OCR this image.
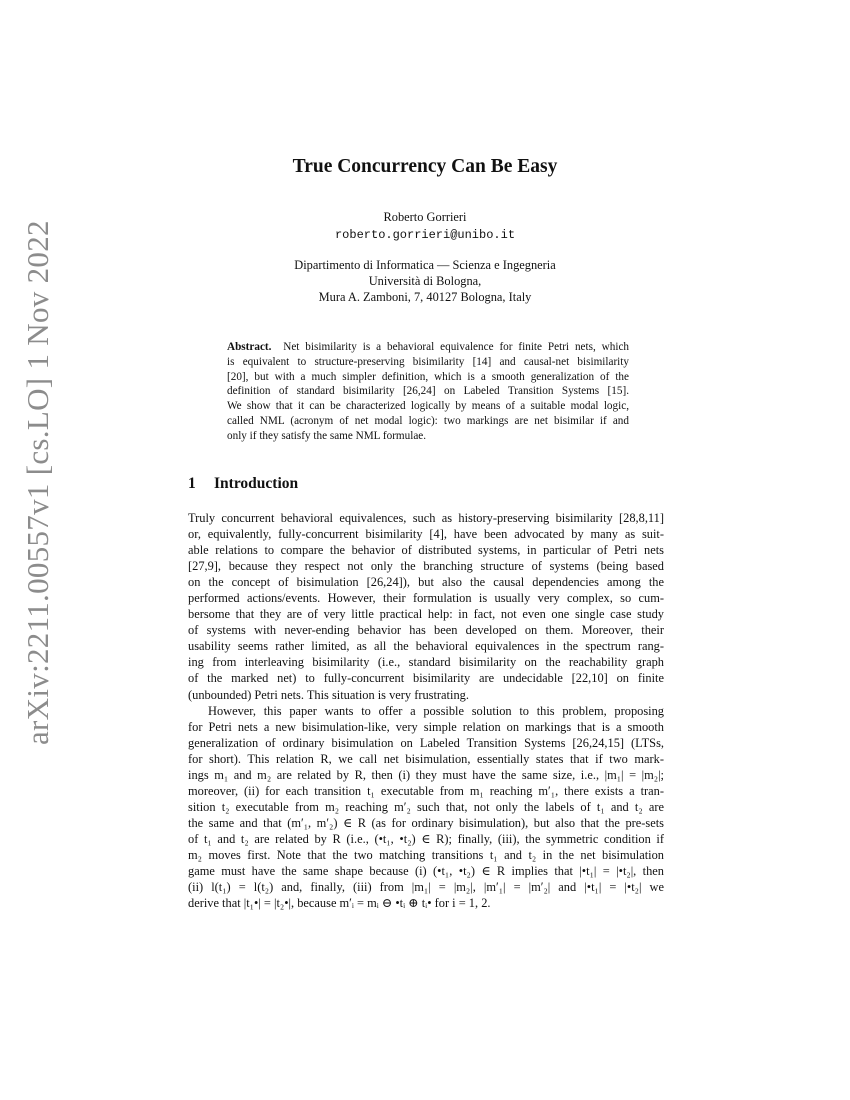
arXiv:2211.00557v1 [cs.LO] 1 Nov 2022
True Concurrency Can Be Easy
Roberto Gorrieri
roberto.gorrieri@unibo.it
Dipartimento di Informatica — Scienza e Ingegneria
Università di Bologna,
Mura A. Zamboni, 7, 40127 Bologna, Italy
Abstract. Net bisimilarity is a behavioral equivalence for finite Petri nets, which
is equivalent to structure-preserving bisimilarity [14] and causal-net bisimilarity
[20], but with a much simpler definition, which is a smooth generalization of the
definition of standard bisimilarity [26,24] on Labeled Transition Systems [15].
We show that it can be characterized logically by means of a suitable modal logic,
called NML (acronym of net modal logic): two markings are net bisimilar if and
only if they satisfy the same NML formulae.
1 Introduction

Truly concurrent behavioral equivalences, such as history-preserving bisimilarity [28,8,11]
or, equivalently, fully-concurrent bisimilarity [4], have been advocated by many as suit-
able relations to compare the behavior of distributed systems, in particular of Petri nets
[27,9], because they respect not only the branching structure of systems (being based
on the concept of bisimulation [26,24]), but also the causal dependencies among the
performed actions/events. However, their formulation is usually very complex, so cum-
bersome that they are of very little practical help: in fact, not even one single case study
of systems with never-ending behavior has been developed on them. Moreover, their
usability seems rather limited, as all the behavioral equivalences in the spectrum rang-
ing from interleaving bisimilarity (i.e., standard bisimilarity on the reachability graph
of the marked net) to fully-concurrent bisimilarity are undecidable [22,10] on finite
(unbounded) Petri nets. This situation is very frustrating.

However, this paper wants to offer a possible solution to this problem, proposing
for Petri nets a new bisimulation-like, very simple relation on markings that is a smooth
generalization of ordinary bisimulation on Labeled Transition Systems [26,24,15] (LTSs,
for short). This relation R, we call net bisimulation, essentially states that if two mark-
ings m₁ and m₂ are related by R, then (i) they must have the same size, i.e., |m₁| = |m₂|;
moreover, (ii) for each transition t₁ executable from m₁ reaching m′₁, there exists a tran-
sition t₂ executable from m₂ reaching m′₂ such that, not only the labels of t₁ and t₂ are
the same and that (m′₁, m′₂) ∈ R (as for ordinary bisimulation), but also that the pre-sets
of t₁ and t₂ are related by R (i.e., (•t₁, •t₂) ∈ R); finally, (iii), the symmetric condition if
m₂ moves first. Note that the two matching transitions t₁ and t₂ in the net bisimulation
game must have the same shape because (i) (•t₁, •t₂) ∈ R implies that |•t₁| = |•t₂|, then
(ii) l(t₁) = l(t₂) and, finally, (iii) from |m₁| = |m₂|, |m′₁| = |m′₂| and |•t₁| = |•t₂| we
derive that |t₁•| = |t₂•|, because m′ᵢ = mᵢ ⊖ •tᵢ ⊕ tᵢ• for i = 1, 2.
